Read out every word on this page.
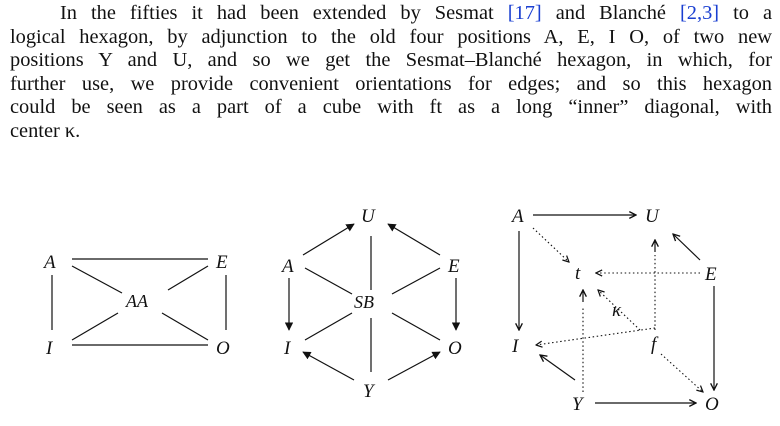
In the fifties it had been extended by Sesmat [17] and Blanché [2,3] to a
logical hexagon, by adjunction to the old four positions A, E, I O, of two new
positions Y and U, and so we get the Sesmat–Blanché hexagon, in which, for
further use, we provide convenient orientations for edges; and so this hexagon
could be seen as a part of a cube with ft as a long “inner” diagonal, with
center κ.
A	E
I	O
AA
U
A	E
I	O
Y
SB
A	U
t	E
κ
I	f
Y	O
